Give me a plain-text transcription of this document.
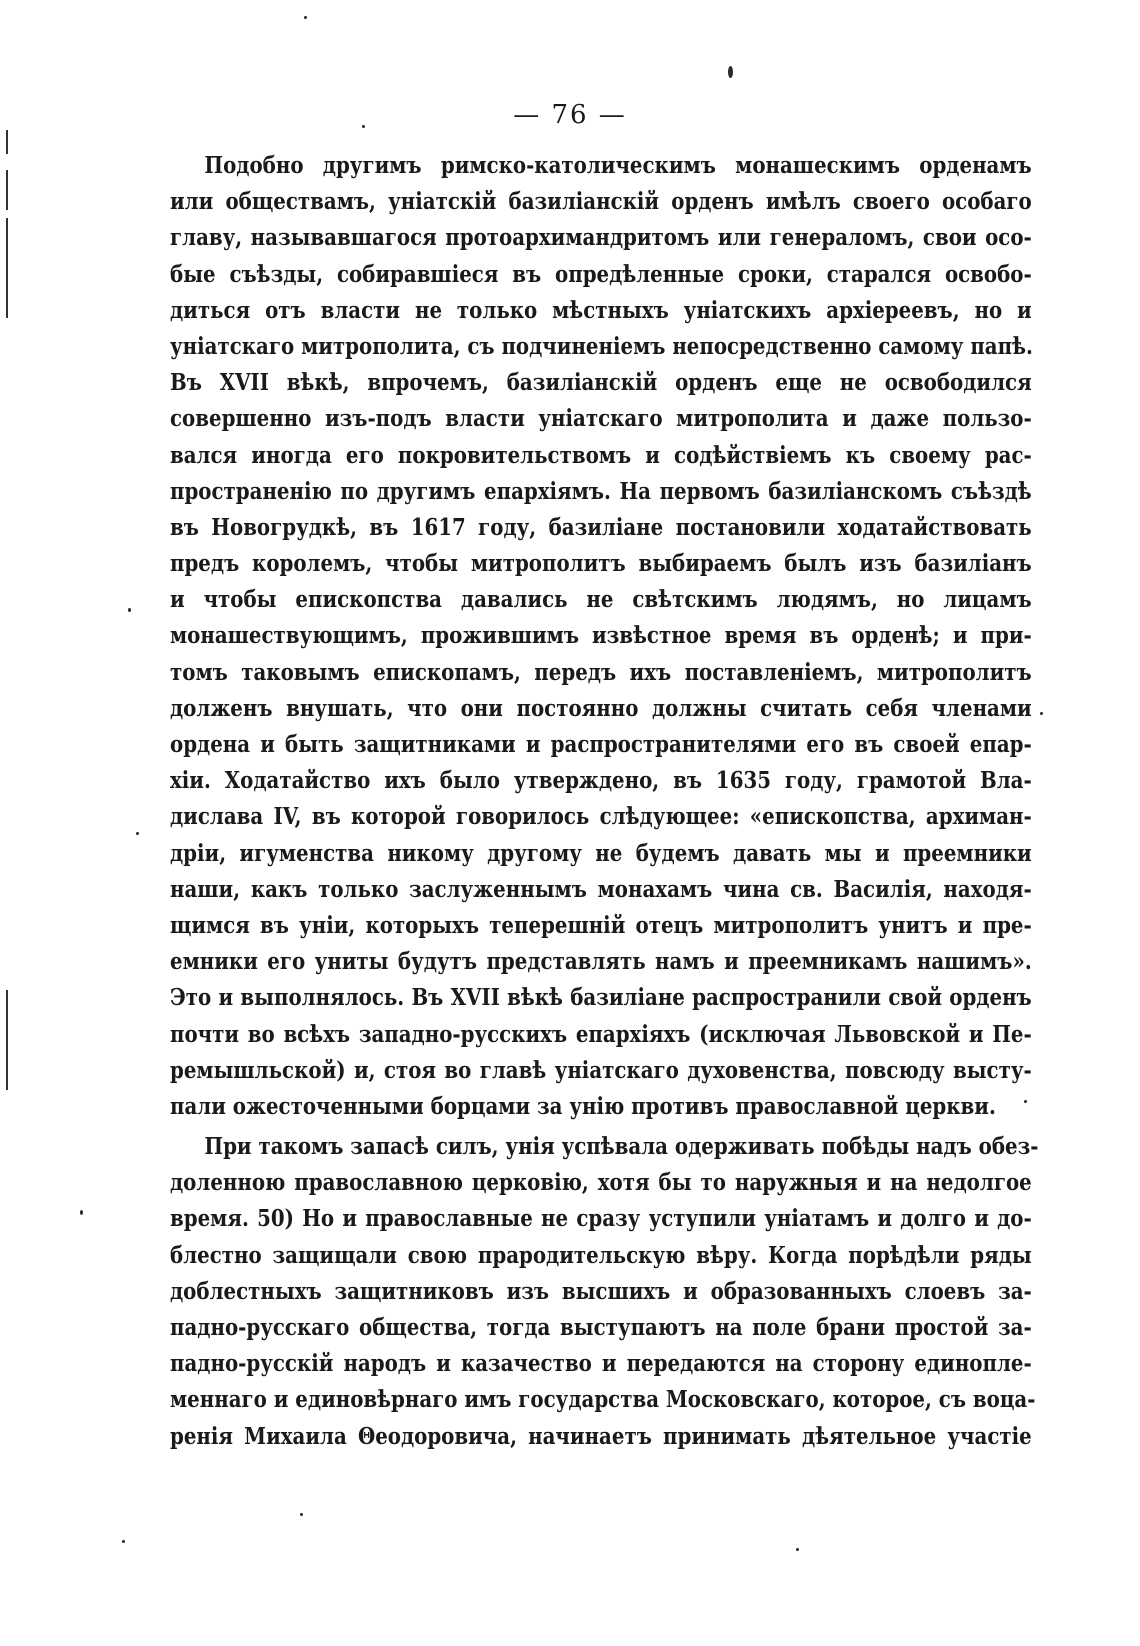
— 76 —
Подобно другимъ римско-католическимъ монашескимъ орденамъ
или обществамъ, уніатскій базиліанскій орденъ имѣлъ своего особаго
главу, называвшагося протоархимандритомъ или генераломъ, свои осо-
бые съѣзды, собиравшіеся въ опредѣленные сроки, старался освобо-
диться отъ власти не только мѣстныхъ уніатскихъ архіереевъ, но и
уніатскаго митрополита, съ подчиненіемъ непосредственно самому папѣ.
Въ XVII вѣкѣ, впрочемъ, базиліанскій орденъ еще не освободился
совершенно изъ-подъ власти уніатскаго митрополита и даже пользо-
вался иногда его покровительствомъ и содѣйствіемъ къ своему рас-
пространенію по другимъ епархіямъ. На первомъ базиліанскомъ съѣздѣ
въ Новогрудкѣ, въ 1617 году, базиліане постановили ходатайствовать
предъ королемъ, чтобы митрополитъ выбираемъ былъ изъ базиліанъ
и чтобы епископства давались не свѣтскимъ людямъ, но лицамъ
монашествующимъ, прожившимъ извѣстное время въ орденѣ; и при-
томъ таковымъ епископамъ, передъ ихъ поставленіемъ, митрополитъ
долженъ внушать, что они постоянно должны считать себя членами
ордена и быть защитниками и распространителями его въ своей епар-
хіи. Ходатайство ихъ было утверждено, въ 1635 году, грамотой Вла-
дислава IV, въ которой говорилось слѣдующее: «епископства, архиман-
дріи, игуменства никому другому не будемъ давать мы и преемники
наши, какъ только заслуженнымъ монахамъ чина св. Василія, находя-
щимся въ уніи, которыхъ теперешній отецъ митрополитъ унитъ и пре-
емники его униты будутъ представлять намъ и преемникамъ нашимъ».
Это и выполнялось. Въ XVII вѣкѣ базиліане распространили свой орденъ
почти во всѣхъ западно-русскихъ епархіяхъ (исключая Львовской и Пе-
ремышльской) и, стоя во главѣ уніатскаго духовенства, повсюду высту-
пали ожесточенными борцами за унію противъ православной церкви.
При такомъ запасѣ силъ, унія успѣвала одерживать побѣды надъ обез-
доленною православною церковію, хотя бы то наружныя и на недолгое
время. 50) Но и православные не сразу уступили уніатамъ и долго и до-
блестно защищали свою прародительскую вѣру. Когда порѣдѣли ряды
доблестныхъ защитниковъ изъ высшихъ и образованныхъ слоевъ за-
падно-русскаго общества, тогда выступаютъ на поле брани простой за-
падно-русскій народъ и казачество и передаются на сторону единопле-
меннаго и единовѣрнаго имъ государства Московскаго, которое, съ воца-
ренія Михаила Θеодоровича, начинаетъ принимать дѣятельное участіе
